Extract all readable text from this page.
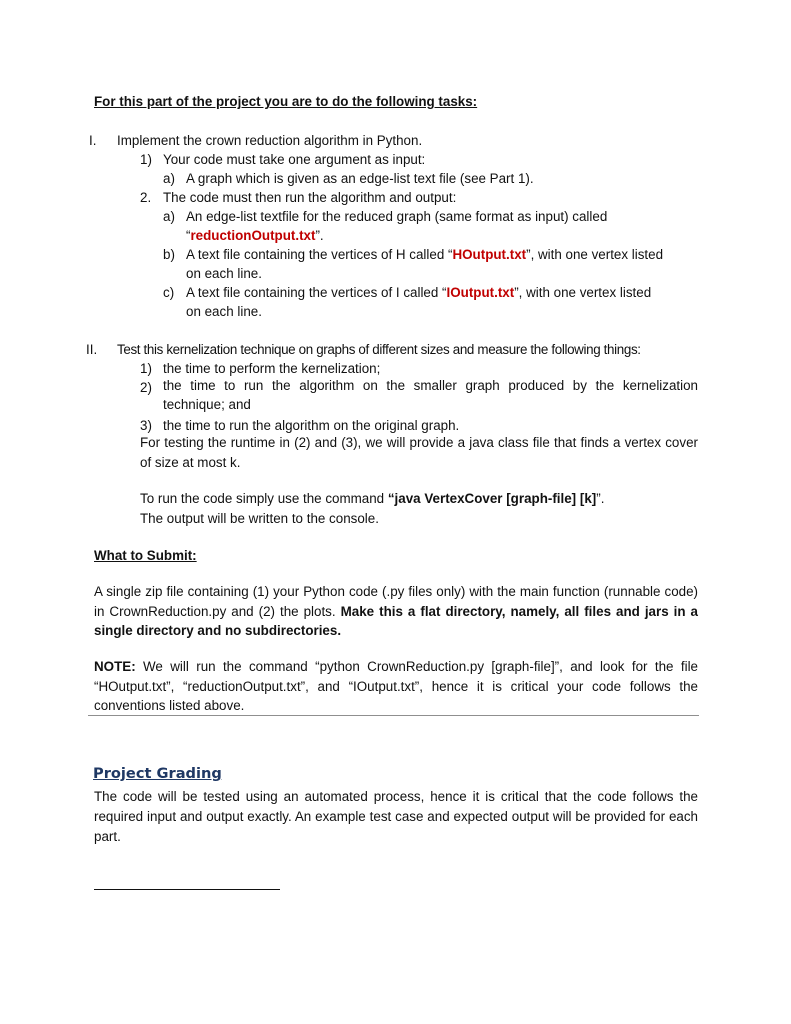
For this part of the project you are to do the following tasks:
I. Implement the crown reduction algorithm in Python.
1) Your code must take one argument as input:
a) A graph which is given as an edge-list text file (see Part 1).
2. The code must then run the algorithm and output:
a) An edge-list textfile for the reduced graph (same format as input) called
“reductionOutput.txt”.
b) A text file containing the vertices of H called “HOutput.txt”, with one vertex listed
on each line.
c) A text file containing the vertices of I called “IOutput.txt”, with one vertex listed
on each line.
II. Test this kernelization technique on graphs of different sizes and measure the following things:
1) the time to perform the kernelization;
2) the time to run the algorithm on the smaller graph produced by the kernelization technique; and
3) the time to run the algorithm on the original graph.
For testing the runtime in (2) and (3), we will provide a java class file that finds a vertex cover of size at most k.
To run the code simply use the command “java VertexCover [graph-file] [k]”.
The output will be written to the console.
What to Submit:
A single zip file containing (1) your Python code (.py files only) with the main function (runnable code) in CrownReduction.py and (2) the plots. Make this a flat directory, namely, all files and jars in a single directory and no subdirectories.
NOTE: We will run the command “python CrownReduction.py [graph-file]”, and look for the file “HOutput.txt”, “reductionOutput.txt”, and “IOutput.txt”, hence it is critical your code follows the conventions listed above.
Project Grading
The code will be tested using an automated process, hence it is critical that the code follows the required input and output exactly. An example test case and expected output will be provided for each part.
